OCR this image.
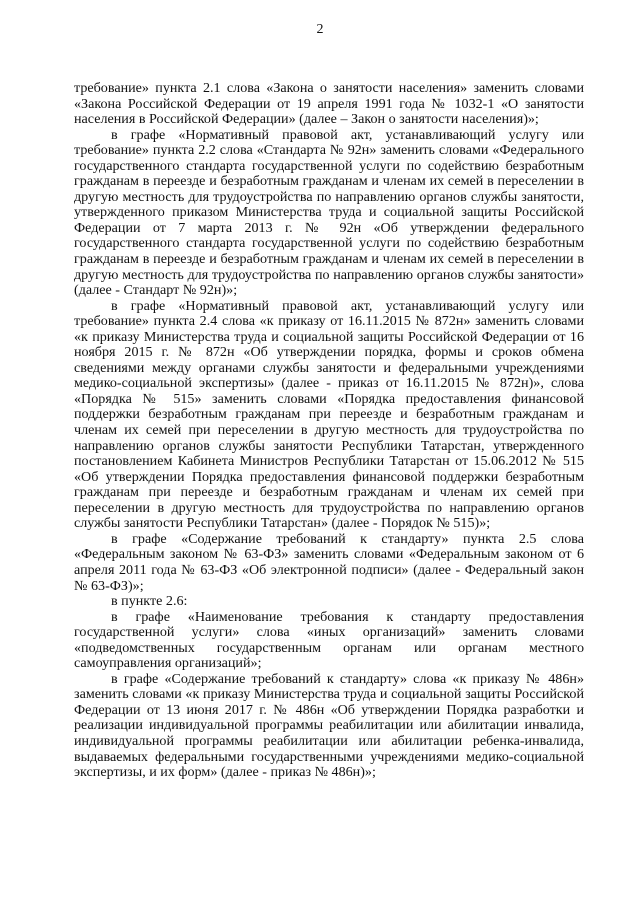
2

требование» пункта 2.1 слова «Закона о занятости населения» заменить словами «Закона Российской Федерации от 19 апреля 1991 года № 1032-1 «О занятости населения в Российской Федерации» (далее – Закон о занятости населения)»;

в графе «Нормативный правовой акт, устанавливающий услугу или требование» пункта 2.2 слова «Стандарта № 92н» заменить словами «Федерального государственного стандарта государственной услуги по содействию безработным гражданам в переезде и безработным гражданам и членам их семей в переселении в другую местность для трудоустройства по направлению органов службы занятости, утвержденного приказом Министерства труда и социальной защиты Российской Федерации от 7 марта 2013 г. № 92н «Об утверждении федерального государственного стандарта государственной услуги по содействию безработным гражданам в переезде и безработным гражданам и членам их семей в переселении в другую местность для трудоустройства по направлению органов службы занятости» (далее - Стандарт № 92н)»;

в графе «Нормативный правовой акт, устанавливающий услугу или требование» пункта 2.4 слова «к приказу от 16.11.2015 № 872н» заменить словами «к приказу Министерства труда и социальной защиты Российской Федерации от 16 ноября 2015 г. № 872н «Об утверждении порядка, формы и сроков обмена сведениями между органами службы занятости и федеральными учреждениями медико-социальной экспертизы» (далее - приказ от 16.11.2015 № 872н)», слова «Порядка № 515» заменить словами «Порядка предоставления финансовой поддержки безработным гражданам при переезде и безработным гражданам и членам их семей при переселении в другую местность для трудоустройства по направлению органов службы занятости Республики Татарстан, утвержденного постановлением Кабинета Министров Республики Татарстан от 15.06.2012 № 515 «Об утверждении Порядка предоставления финансовой поддержки безработным гражданам при переезде и безработным гражданам и членам их семей при переселении в другую местность для трудоустройства по направлению органов службы занятости Республики Татарстан» (далее - Порядок № 515)»;

в графе «Содержание требований к стандарту» пункта 2.5 слова «Федеральным законом № 63-ФЗ» заменить словами «Федеральным законом от 6 апреля 2011 года № 63-ФЗ «Об электронной подписи» (далее - Федеральный закон № 63-ФЗ)»;

в пункте 2.6:

в графе «Наименование требования к стандарту предоставления государственной услуги» слова «иных организаций» заменить словами «подведомственных государственным органам или органам местного самоуправления организаций»;

в графе «Содержание требований к стандарту» слова «к приказу № 486н» заменить словами «к приказу Министерства труда и социальной защиты Российской Федерации от 13 июня 2017 г. № 486н «Об утверждении Порядка разработки и реализации индивидуальной программы реабилитации или абилитации инвалида, индивидуальной программы реабилитации или абилитации ребенка-инвалида, выдаваемых федеральными государственными учреждениями медико-социальной экспертизы, и их форм» (далее - приказ № 486н)»;
